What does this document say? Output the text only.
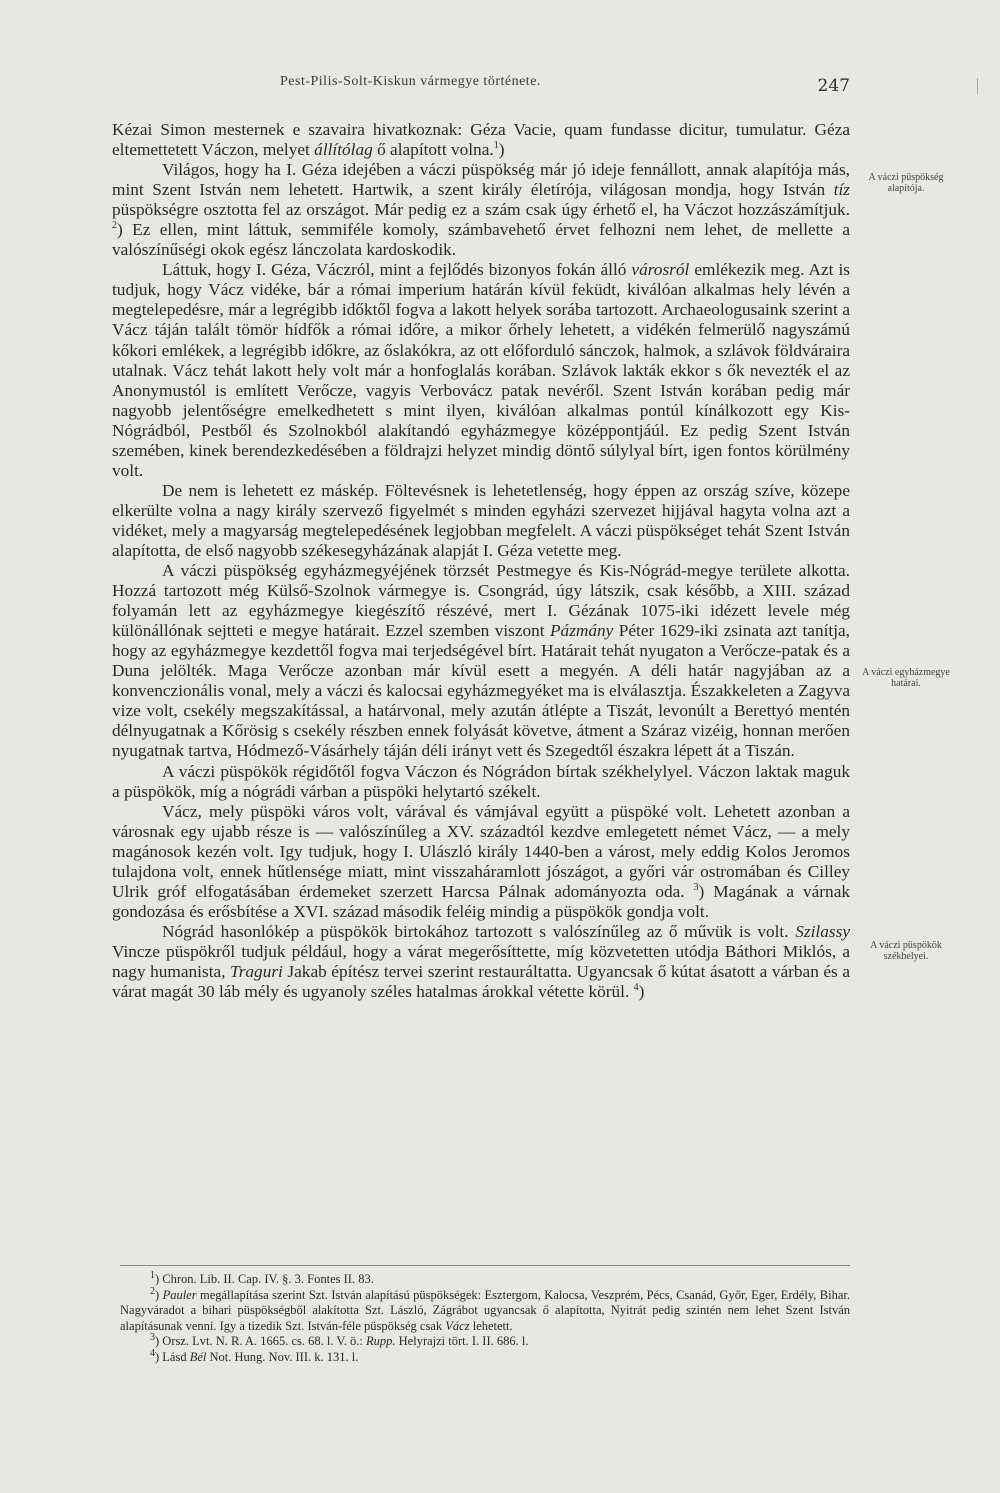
Pest-Pilis-Solt-Kiskun vármegye története.	247

Kézai Simon mesternek e szavaira hivatkoznak: Géza Vacie, quam fundasse dicitur, tumulatur. Géza eltemettetett Váczon, melyet állítólag ő alapított volna.$^1$)

Világos, hogy ha I. Géza idejében a váczi püspökség már jó ideje fennállott, annak alapítója más, mint Szent István nem lehetett. Hartwik, a szent király életírója, világosan mondja, hogy István tíz püspökségre osztotta fel az országot. Már pedig ez a szám csak úgy érhető el, ha Váczot hozzászámítjuk. $^2$) Ez ellen, mint láttuk, semmiféle komoly, számbavehető érvet felhozni nem lehet, de mellette a valószínűségi okok egész lánczolata kardoskodik.

Láttuk, hogy I. Géza, Váczról, mint a fejlődés bizonyos fokán álló városról emlékezik meg. Azt is tudjuk, hogy Vácz vidéke, bár a római imperium határán kívül feküdt, kiválóan alkalmas hely lévén a megtelepedésre, már a legrégibb időktől fogva a lakott helyek sorába tartozott. Archaeologusaink szerint a Vácz táján talált tömör hídfők a római időre, a mikor őrhely lehetett, a vidékén felmerülő nagyszámú kőkori emlékek, a legrégibb időkre, az őslakókra, az ott előforduló sánczok, halmok, a szlávok földváraira utalnak. Vácz tehát lakott hely volt már a honfoglalás korában. Szlávok lakták ekkor s ők nevezték el az Anonymustól is említett Verőcze, vagyis Verbovácz patak nevéről. Szent István korában pedig már nagyobb jelentőségre emelkedhetett s mint ilyen, kiválóan alkalmas pontúl kínálkozott egy Kis-Nógrádból, Pestből és Szolnokból alakítandó egyházmegye középpontjáúl. Ez pedig Szent István szemében, kinek berendezkedésében a földrajzi helyzet mindig döntő súlylyal bírt, igen fontos körülmény volt.

De nem is lehetett ez máskép. Föltevésnek is lehetetlenség, hogy éppen az ország szíve, közepe elkerülte volna a nagy király szervező figyelmét s minden egyházi szervezet hijjával hagyta volna azt a vidéket, mely a magyarság megtelepedésének legjobban megfelelt. A váczi püspökséget tehát Szent István alapította, de első nagyobb székesegyházának alapját I. Géza vetette meg.

A váczi püspökség egyházmegyéjének törzsét Pestmegye és Kis-Nógrád-megye területe alkotta. Hozzá tartozott még Külső-Szolnok vármegye is. Csongrád, úgy látszik, csak később, a XIII. század folyamán lett az egyházmegye kiegészítő részévé, mert I. Gézának 1075-iki idézett levele még különállónak sejtteti e megye határait. Ezzel szemben viszont Pázmány Péter 1629-iki zsinata azt tanítja, hogy az egyházmegye kezdettől fogva mai terjedségével bírt. Határait tehát nyugaton a Verőcze-patak és a Duna jelölték. Maga Verőcze azonban már kívül esett a megyén. A déli határ nagyjában az a konvenczionális vonal, mely a váczi és kalocsai egyházmegyéket ma is elválasztja. Északkeleten a Zagyva vize volt, csekély megszakítással, a határvonal, mely azután átlépte a Tiszát, levonúlt a Berettyó mentén délnyugatnak a Kőrösig s csekély részben ennek folyását követve, átment a Száraz vizéig, honnan merően nyugatnak tartva, Hódmező-Vásárhely táján déli irányt vett és Szegedtől északra lépett át a Tiszán.

A váczi püspökök régidőtől fogva Váczon és Nógrádon bírtak székhelylyel. Váczon laktak maguk a püspökök, míg a nógrádi várban a püspöki helytartó székelt.

Vácz, mely püspöki város volt, várával és vámjával együtt a püspöké volt. Lehetett azonban a városnak egy ujabb része is — valószínűleg a XV. századtól kezdve emlegetett német Vácz, — a mely magánosok kezén volt. Igy tudjuk, hogy I. Ulászló király 1440-ben a várost, mely eddig Kolos Jeromos tulajdona volt, ennek hűtlensége miatt, mint visszaháramlott jószágot, a győri vár ostromában és Cilley Ulrik gróf elfogatásában érdemeket szerzett Harcsa Pálnak adományozta oda. $^3$) Magának a várnak gondozása és erősbítése a XVI. század második feléig mindig a püspökök gondja volt.

Nógrád hasonlókép a püspökök birtokához tartozott s valószínűleg az ő művük is volt. Szilassy Vincze püspökről tudjuk például, hogy a várat megerősíttette, míg közvetetten utódja Báthori Miklós, a nagy humanista, Traguri Jakab építész tervei szerint restauráltatta. Ugyancsak ő kútat ásatott a várban és a várat magát 30 láb mély és ugyanoly széles hatalmas árokkal vétette körül. $^4$)

A váczi püspökség alapítója.
A váczi egyházmegye határai.
A váczi püspökök székhelyei.

$^1$) Chron. Lib. II. Cap. IV. §. 3. Fontes II. 83.

$^2$) Pauler megállapítása szerint Szt. István alapítású püspökségek: Esztergom, Kalocsa, Veszprém, Pécs, Csanád, Győr, Eger, Erdély, Bihar. Nagyváradot a bihari püspökségből alakította Szt. László, Zágrábot ugyancsak ő alapította, Nyitrát pedig szintén nem lehet Szent István alapításunak venni. Igy a tizedik Szt. István-féle püspökség csak Vácz lehetett.

$^3$) Orsz. Lvt. N. R. A. 1665. cs. 68. l. V. ö.: Rupp. Helyrajzi tört. I. II. 686. l.

$^4$) Lásd Bél Not. Hung. Nov. III. k. 131. l.
